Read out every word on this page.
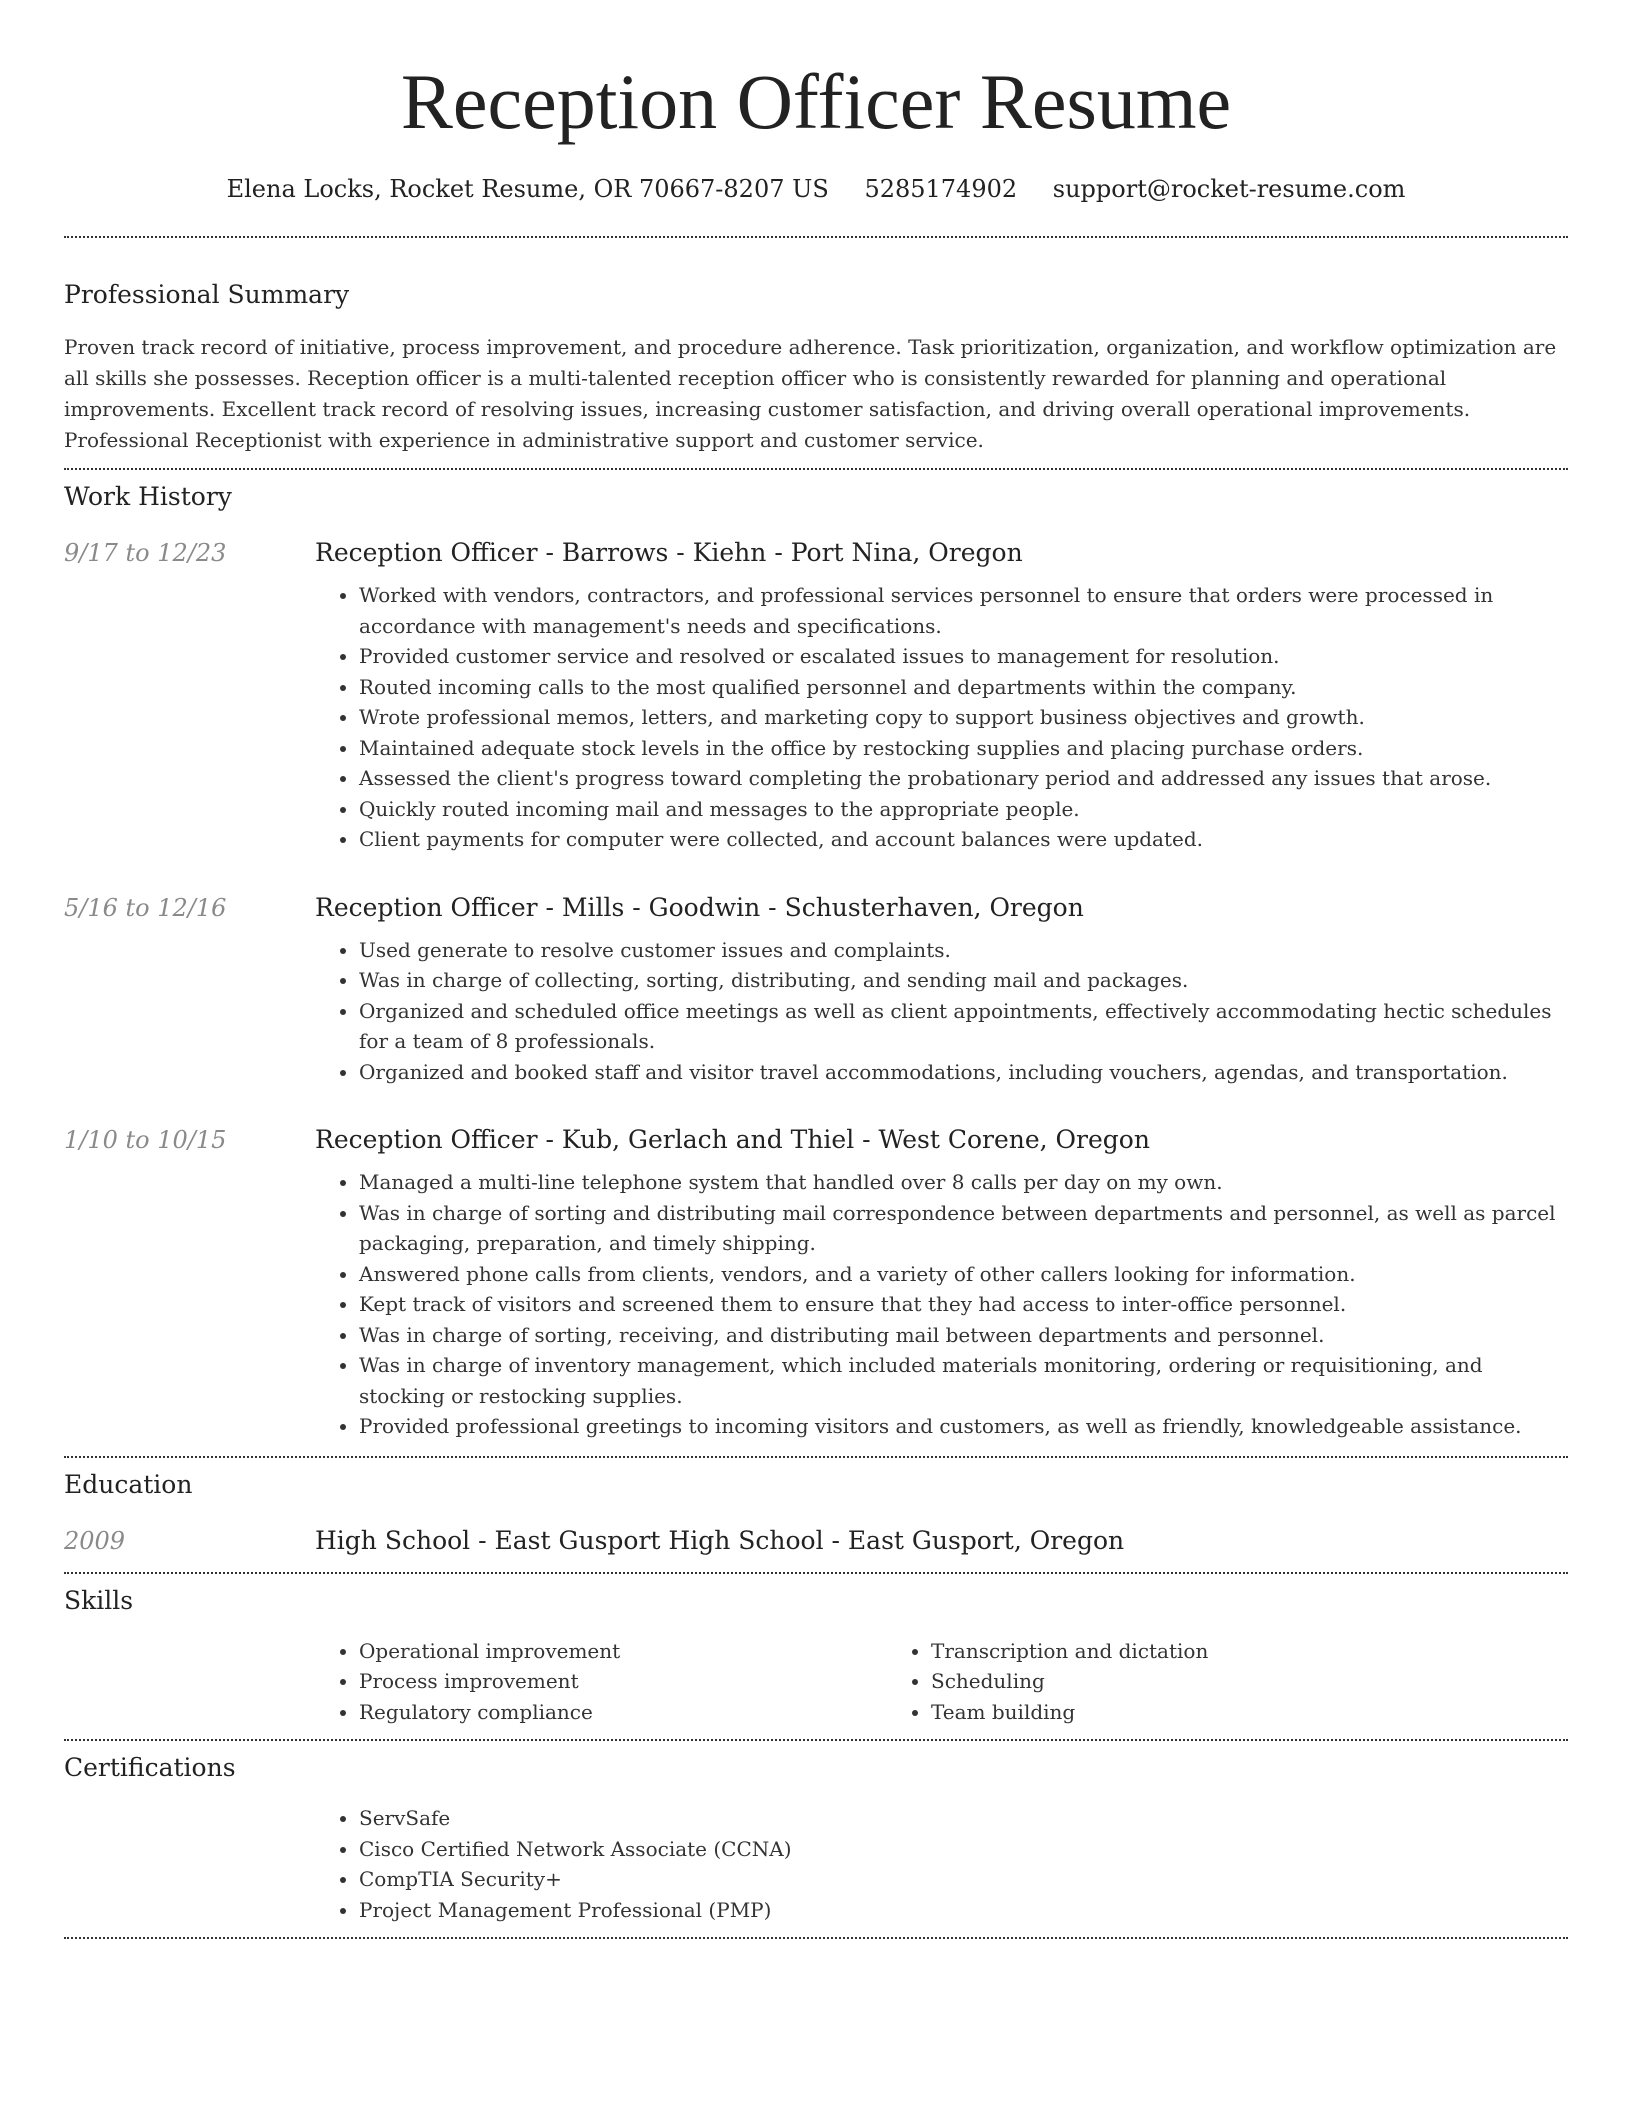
Reception Officer Resume
Elena Locks, Rocket Resume, OR 70667-8207 US 5285174902 support@rocket-resume.com
Professional Summary

Proven track record of initiative, process improvement, and procedure adherence. Task prioritization, organization, and workflow optimization are all skills she possesses. Reception officer is a multi-talented reception officer who is consistently rewarded for planning and operational improvements. Excellent track record of resolving issues, increasing customer satisfaction, and driving overall operational improvements. Professional Receptionist with experience in administrative support and customer service.

Work History
9/17 to 12/23	Reception Officer - Barrows - Kiehn - Port Nina, Oregon
• Worked with vendors, contractors, and professional services personnel to ensure that orders were processed in accordance with management's needs and specifications.
• Provided customer service and resolved or escalated issues to management for resolution.
• Routed incoming calls to the most qualified personnel and departments within the company.
• Wrote professional memos, letters, and marketing copy to support business objectives and growth.
• Maintained adequate stock levels in the office by restocking supplies and placing purchase orders.
• Assessed the client's progress toward completing the probationary period and addressed any issues that arose.
• Quickly routed incoming mail and messages to the appropriate people.
• Client payments for computer were collected, and account balances were updated.
5/16 to 12/16	Reception Officer - Mills - Goodwin - Schusterhaven, Oregon
• Used generate to resolve customer issues and complaints.
• Was in charge of collecting, sorting, distributing, and sending mail and packages.
• Organized and scheduled office meetings as well as client appointments, effectively accommodating hectic schedules for a team of 8 professionals.
• Organized and booked staff and visitor travel accommodations, including vouchers, agendas, and transportation.
1/10 to 10/15	Reception Officer - Kub, Gerlach and Thiel - West Corene, Oregon
• Managed a multi-line telephone system that handled over 8 calls per day on my own.
• Was in charge of sorting and distributing mail correspondence between departments and personnel, as well as parcel packaging, preparation, and timely shipping.
• Answered phone calls from clients, vendors, and a variety of other callers looking for information.
• Kept track of visitors and screened them to ensure that they had access to inter-office personnel.
• Was in charge of sorting, receiving, and distributing mail between departments and personnel.
• Was in charge of inventory management, which included materials monitoring, ordering or requisitioning, and stocking or restocking supplies.
• Provided professional greetings to incoming visitors and customers, as well as friendly, knowledgeable assistance.
Education
2009	High School - East Gusport High School - East Gusport, Oregon
Skills
• Operational improvement
• Process improvement
• Regulatory compliance
• Transcription and dictation
• Scheduling
• Team building
Certifications
• ServSafe
• Cisco Certified Network Associate (CCNA)
• CompTIA Security+
• Project Management Professional (PMP)
